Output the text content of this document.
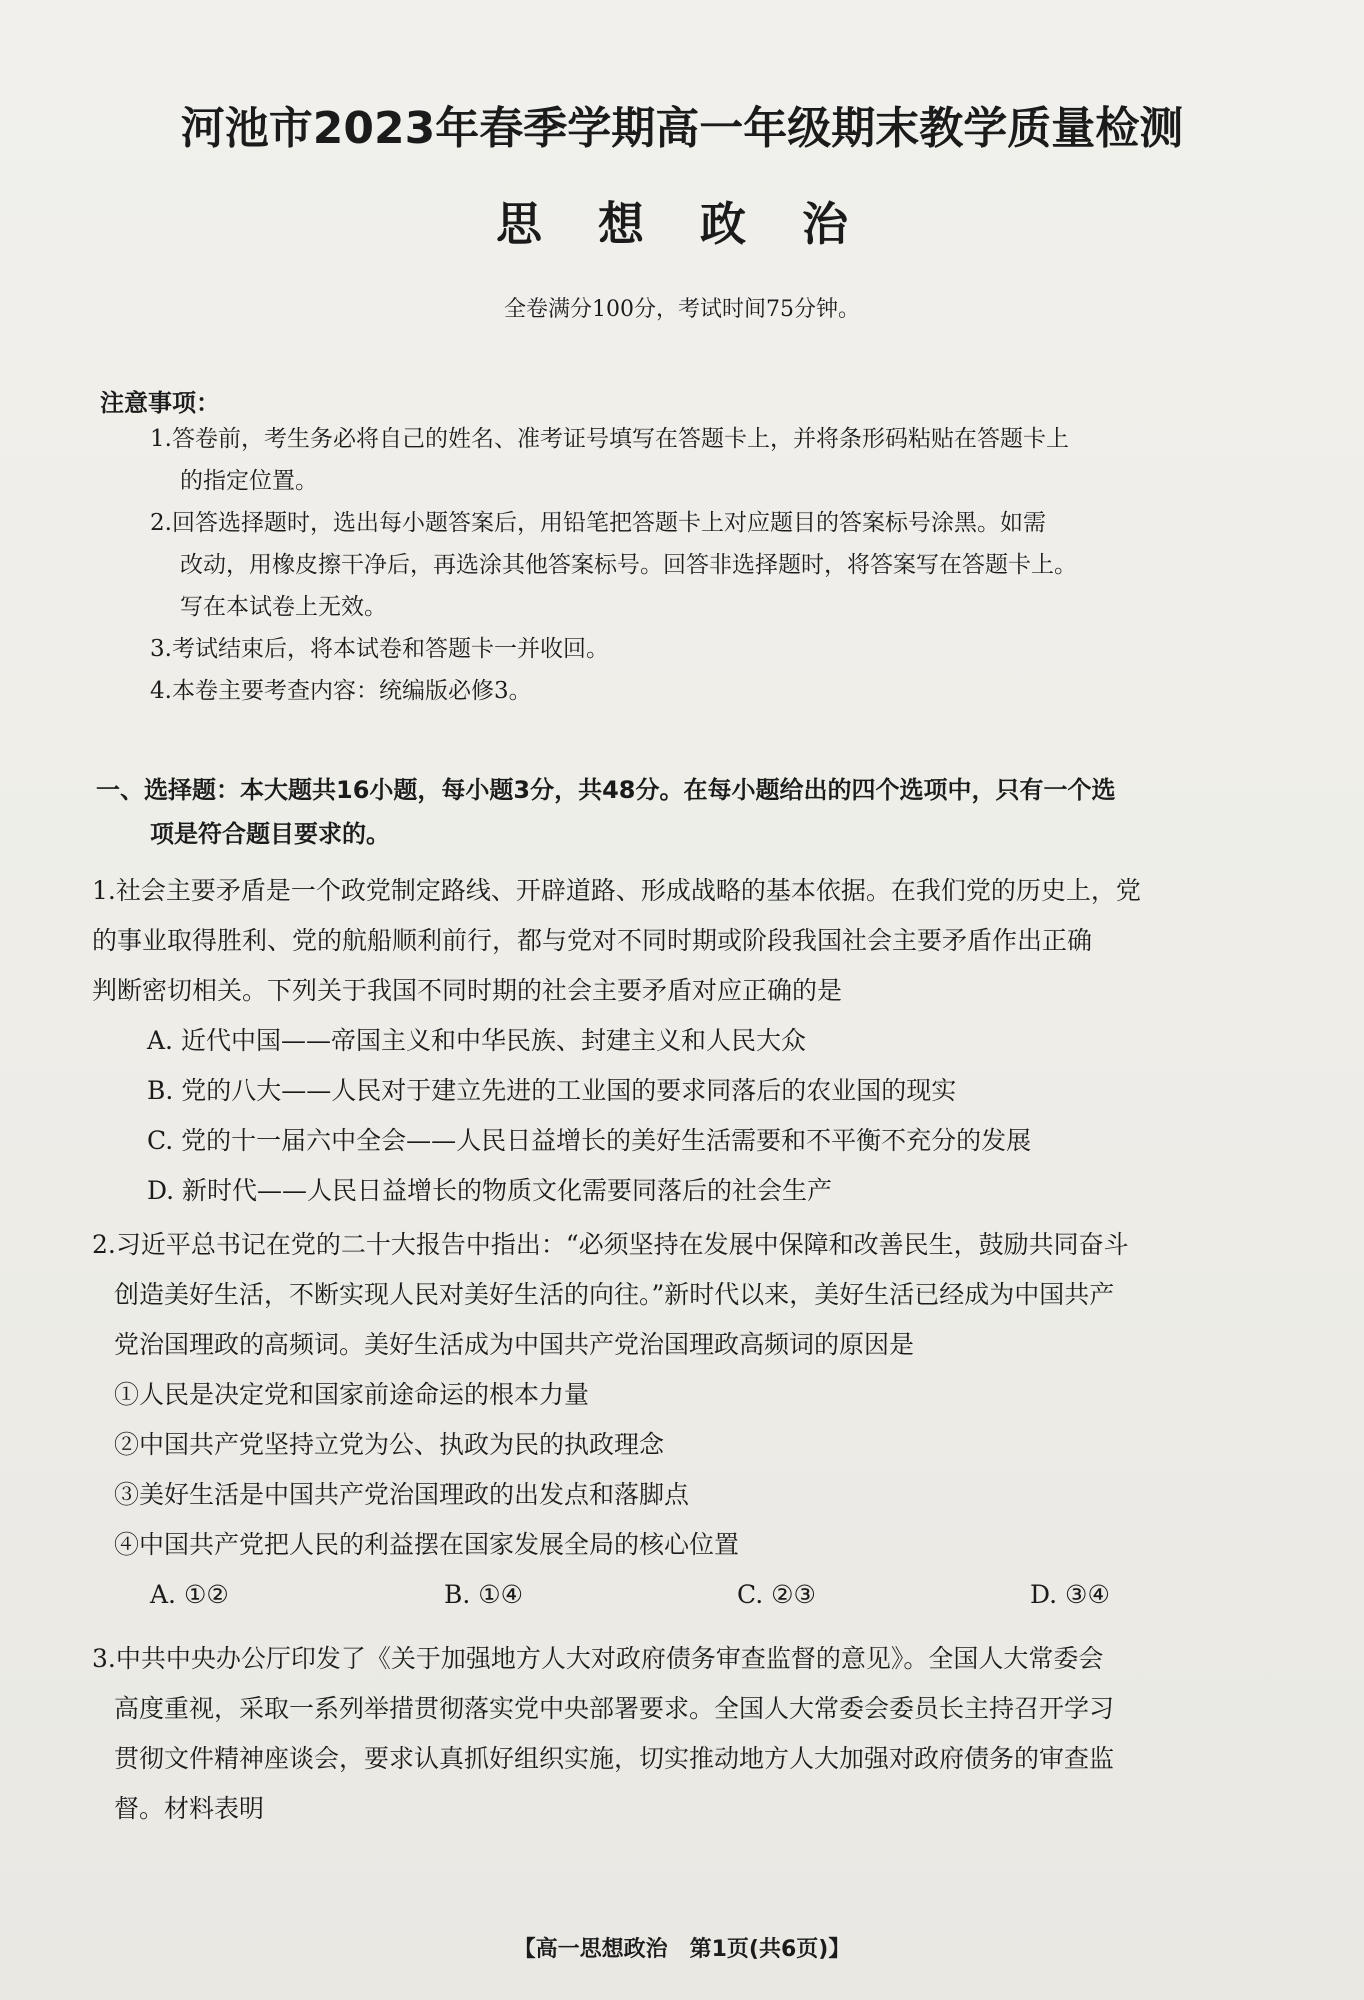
河池市2023年春季学期高一年级期末教学质量检测
思 想 政 治
全卷满分100分，考试时间75分钟。
注意事项：
1.答卷前，考生务必将自己的姓名、准考证号填写在答题卡上，并将条形码粘贴在答题卡上
的指定位置。
2.回答选择题时，选出每小题答案后，用铅笔把答题卡上对应题目的答案标号涂黑。如需
改动，用橡皮擦干净后，再选涂其他答案标号。回答非选择题时，将答案写在答题卡上。
写在本试卷上无效。
3.考试结束后，将本试卷和答题卡一并收回。
4.本卷主要考查内容：统编版必修3。
一、选择题：本大题共16小题，每小题3分，共48分。在每小题给出的四个选项中，只有一个选
项是符合题目要求的。
1.社会主要矛盾是一个政党制定路线、开辟道路、形成战略的基本依据。在我们党的历史上，党
的事业取得胜利、党的航船顺利前行，都与党对不同时期或阶段我国社会主要矛盾作出正确
判断密切相关。下列关于我国不同时期的社会主要矛盾对应正确的是
A. 近代中国——帝国主义和中华民族、封建主义和人民大众
B. 党的八大——人民对于建立先进的工业国的要求同落后的农业国的现实
C. 党的十一届六中全会——人民日益增长的美好生活需要和不平衡不充分的发展
D. 新时代——人民日益增长的物质文化需要同落后的社会生产
2.习近平总书记在党的二十大报告中指出：“必须坚持在发展中保障和改善民生，鼓励共同奋斗
创造美好生活，不断实现人民对美好生活的向往。”新时代以来，美好生活已经成为中国共产
党治国理政的高频词。美好生活成为中国共产党治国理政高频词的原因是
①人民是决定党和国家前途命运的根本力量
②中国共产党坚持立党为公、执政为民的执政理念
③美好生活是中国共产党治国理政的出发点和落脚点
④中国共产党把人民的利益摆在国家发展全局的核心位置
A. ①②	B. ①④	C. ②③	D. ③④
3.中共中央办公厅印发了《关于加强地方人大对政府债务审查监督的意见》。全国人大常委会
高度重视，采取一系列举措贯彻落实党中央部署要求。全国人大常委会委员长主持召开学习
贯彻文件精神座谈会，要求认真抓好组织实施，切实推动地方人大加强对政府债务的审查监
督。材料表明
【高一思想政治　第1页(共6页)】
